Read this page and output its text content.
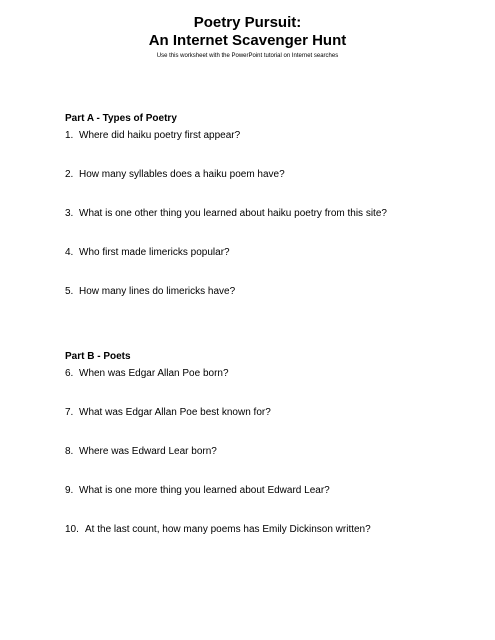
Poetry Pursuit:
An Internet Scavenger Hunt
Use this worksheet with the PowerPoint tutorial on Internet searches
Part A - Types of Poetry
1. Where did haiku poetry first appear?
2. How many syllables does a haiku poem have?
3. What is one other thing you learned about haiku poetry from this site?
4. Who first made limericks popular?
5. How many lines do limericks have?
Part B - Poets
6. When was Edgar Allan Poe born?
7. What was Edgar Allan Poe best known for?
8. Where was Edward Lear born?
9. What is one more thing you learned about Edward Lear?
10. At the last count, how many poems has Emily Dickinson written?
